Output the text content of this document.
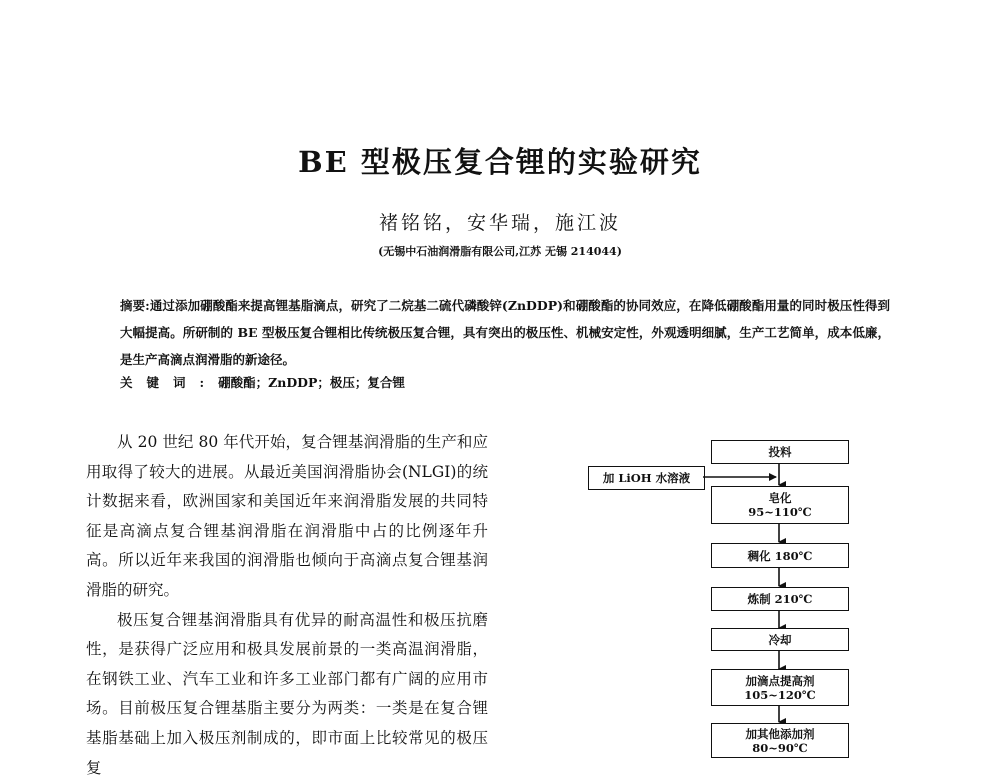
BE 型极压复合锂的实验研究
褚铭铭，安华瑞，施江波
(无锡中石油润滑脂有限公司,江苏 无锡 214044)
摘要:通过添加硼酸酯来提高锂基脂滴点，研究了二烷基二硫代磷酸锌(ZnDDP)和硼酸酯的协同效应，在降低硼酸酯用量的同时极压性得到大幅提高。所研制的 BE 型极压复合锂相比传统极压复合锂，具有突出的极压性、机械安定性，外观透明细腻，生产工艺简单，成本低廉，是生产高滴点润滑脂的新途径。
关键词:硼酸酯；ZnDDP；极压；复合锂

从 20 世纪 80 年代开始，复合锂基润滑脂的生产和应用取得了较大的进展。从最近美国润滑脂协会(NLGI)的统计数据来看，欧洲国家和美国近年来润滑脂发展的共同特征是高滴点复合锂基润滑脂在润滑脂中占的比例逐年升高。所以近年来我国的润滑脂也倾向于高滴点复合锂基润滑脂的研究。

极压复合锂基润滑脂具有优异的耐高温性和极压抗磨性，是获得广泛应用和极具发展前景的一类高温润滑脂，在钢铁工业、汽车工业和许多工业部门都有广阔的应用市场。目前极压复合锂基脂主要分为两类：一类是在复合锂基脂基础上加入极压剂制成的，即市面上比较常见的极压复

加 LiOH 水溶液
投料
皂化
95~110℃
稠化 180℃
炼制 210℃
冷却
加滴点提高剂
105~120℃
加其他添加剂
80~90℃
